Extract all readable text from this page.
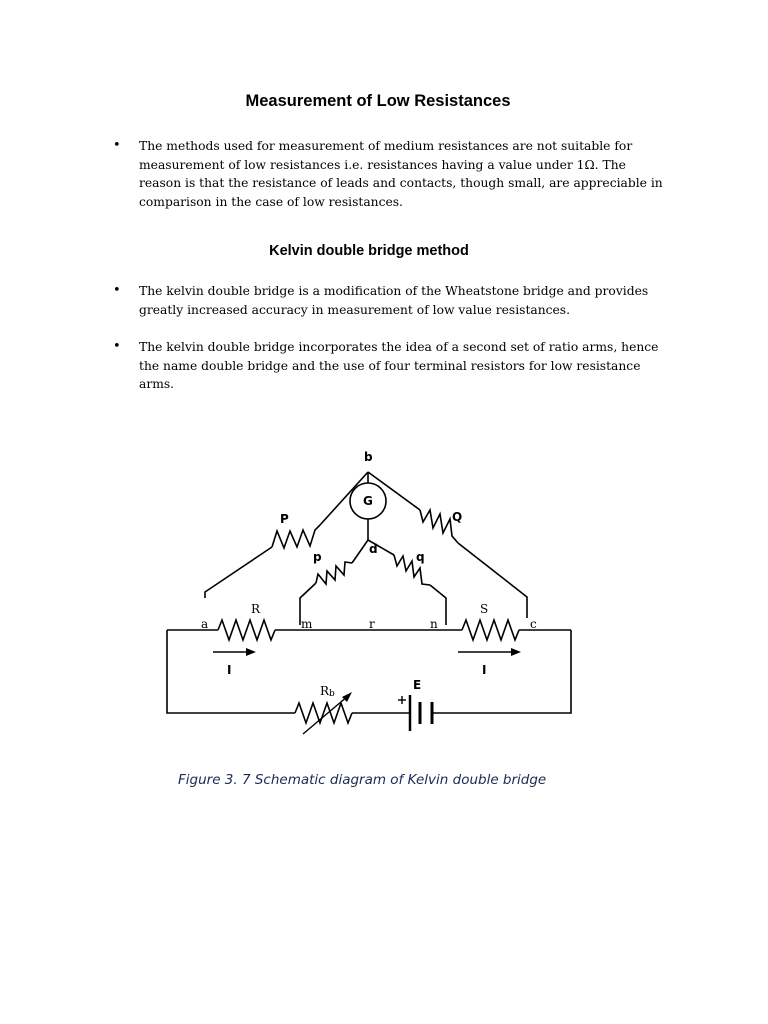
Measurement of Low Resistances
• The methods used for measurement of medium resistances are not suitable for
measurement of low resistances i.e. resistances having a value under 1Ω. The
reason is that the resistance of leads and contacts, though small, are appreciable in
comparison in the case of low resistances.
Kelvin double bridge method
• The kelvin double bridge is a modification of the Wheatstone bridge and provides
greatly increased accuracy in measurement of low value resistances.
• The kelvin double bridge incorporates the idea of a second set of ratio arms, hence
the name double bridge and the use of four terminal resistors for low resistance
arms.
b
G
P	Q
p	q
d
R	S
a	m	r	n	c
I	I
Rb
E
Figure 3. 7 Schematic diagram of Kelvin double bridge
